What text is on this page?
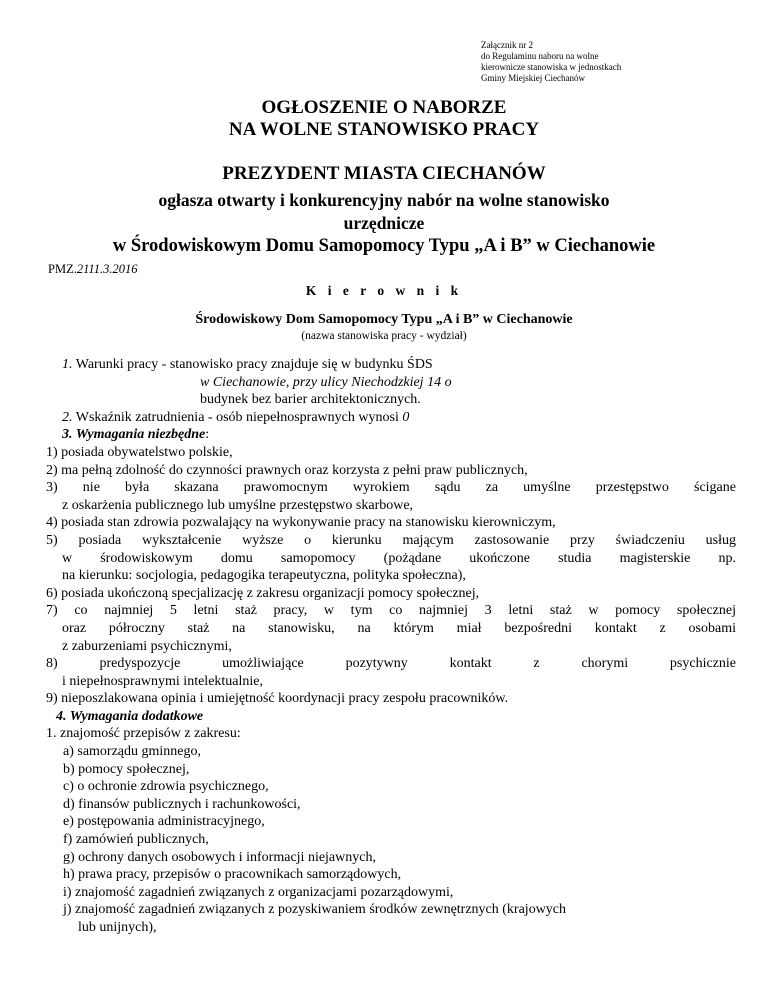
Załącznik nr 2
do Regulaminu naboru na wolne
kierownicze stanowiska w jednostkach
Gminy Miejskiej Ciechanów
OGŁOSZENIE O NABORZE
NA WOLNE STANOWISKO PRACY
PREZYDENT MIASTA CIECHANÓW
ogłasza otwarty i konkurencyjny nabór na wolne stanowisko
urzędnicze
w Środowiskowym Domu Samopomocy Typu „A i B” w Ciechanowie
PMZ.2111.3.2016
K i e r o w n i k
Środowiskowy Dom Samopomocy Typu „A i B” w Ciechanowie
(nazwa stanowiska pracy - wydział)
1. Warunki pracy - stanowisko pracy znajduje się w budynku ŚDS
w Ciechanowie, przy ulicy Niechodzkiej 14 o
budynek bez barier architektonicznych.
2. Wskaźnik zatrudnienia - osób niepełnosprawnych wynosi 0
3. Wymagania niezbędne:
1) posiada obywatelstwo polskie,
2) ma pełną zdolność do czynności prawnych oraz korzysta z pełni praw publicznych,
3) nie była skazana prawomocnym wyrokiem sądu za umyślne przestępstwo ścigane
z oskarżenia publicznego lub umyślne przestępstwo skarbowe,
4) posiada stan zdrowia pozwalający na wykonywanie pracy na stanowisku kierowniczym,
5) posiada wykształcenie wyższe o kierunku mającym zastosowanie przy świadczeniu usług
w środowiskowym domu samopomocy (pożądane ukończone studia magisterskie np.
na kierunku: socjologia, pedagogika terapeutyczna, polityka społeczna),
6) posiada ukończoną specjalizację z zakresu organizacji pomocy społecznej,
7) co najmniej 5 letni staż pracy, w tym co najmniej 3 letni staż w pomocy społecznej
oraz półroczny staż na stanowisku, na którym miał bezpośredni kontakt z osobami
z zaburzeniami psychicznymi,
8) predyspozycje umożliwiające pozytywny kontakt z chorymi psychicznie
i niepełnosprawnymi intelektualnie,
9) nieposzlakowana opinia i umiejętność koordynacji pracy zespołu pracowników.
4. Wymagania dodatkowe
1. znajomość przepisów z zakresu:
a) samorządu gminnego,
b) pomocy społecznej,
c) o ochronie zdrowia psychicznego,
d) finansów publicznych i rachunkowości,
e) postępowania administracyjnego,
f) zamówień publicznych,
g) ochrony danych osobowych i informacji niejawnych,
h) prawa pracy, przepisów o pracownikach samorządowych,
i) znajomość zagadnień związanych z organizacjami pozarządowymi,
j) znajomość zagadnień związanych z pozyskiwaniem środków zewnętrznych (krajowych
lub unijnych),
